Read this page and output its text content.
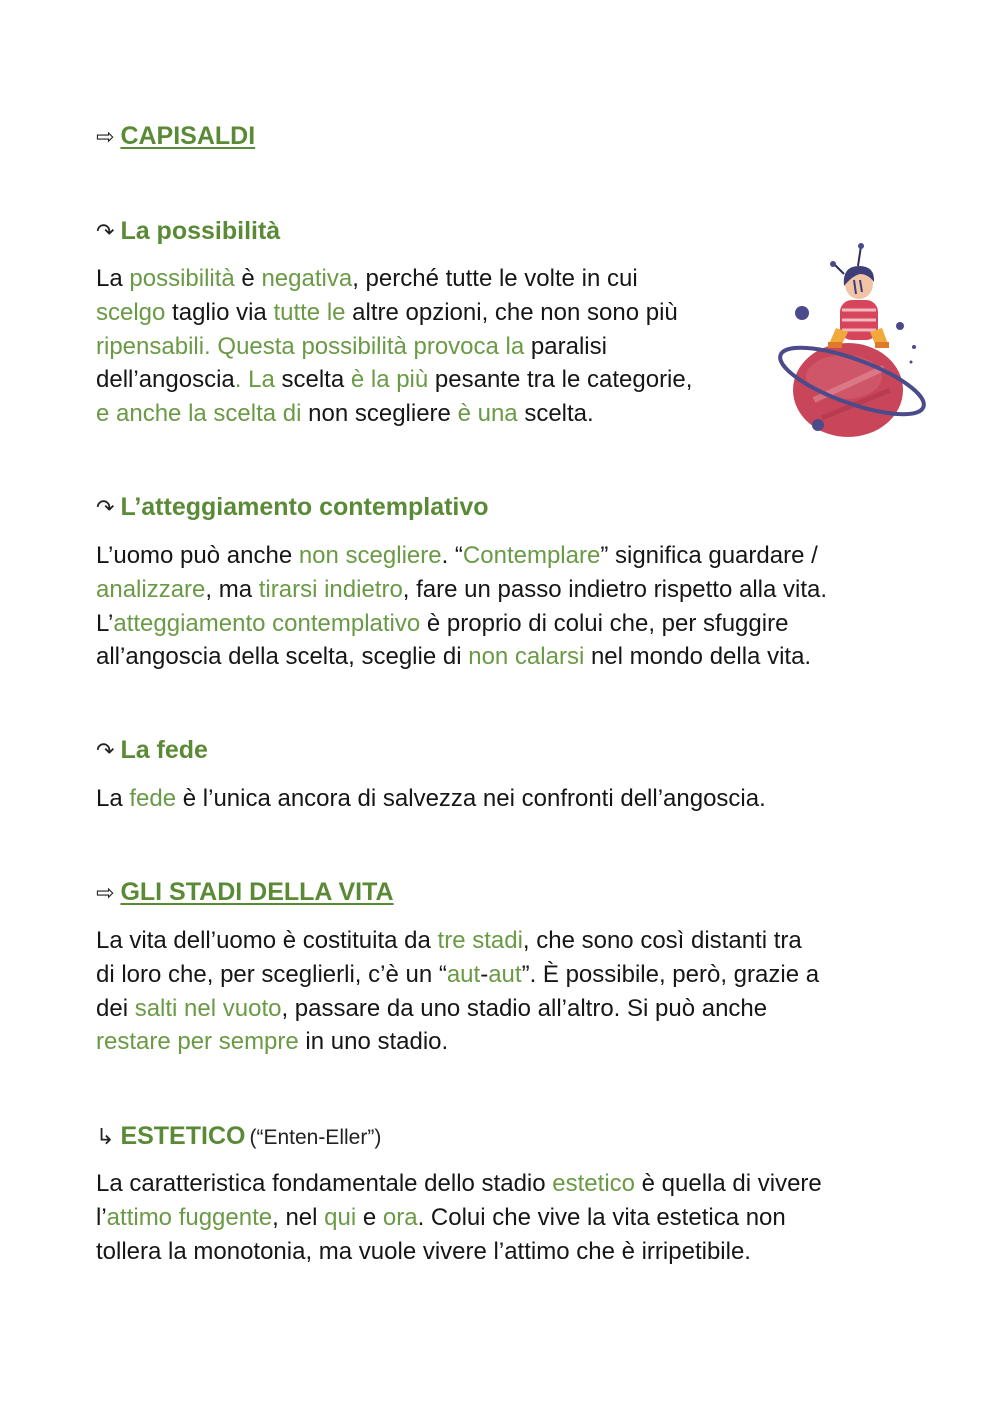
⇨ CAPISALDI
↷ La possibilità

La possibilità è negativa, perché tutte le volte in cui
scelgo taglio via tutte le altre opzioni, che non sono più
ripensabili. Questa possibilità provoca la paralisi
dell’angoscia. La scelta è la più pesante tra le categorie,
e anche la scelta di non scegliere è una scelta.

↷ L’atteggiamento contemplativo

L’uomo può anche non scegliere. “Contemplare” significa guardare /
analizzare, ma tirarsi indietro, fare un passo indietro rispetto alla vita.
L’atteggiamento contemplativo è proprio di colui che, per sfuggire
all’angoscia della scelta, sceglie di non calarsi nel mondo della vita.

↷ La fede

La fede è l’unica ancora di salvezza nei confronti dell’angoscia.

⇨ GLI STADI DELLA VITA

La vita dell’uomo è costituita da tre stadi, che sono così distanti tra
di loro che, per sceglierli, c’è un “aut-aut”. È possibile, però, grazie a
dei salti nel vuoto, passare da uno stadio all’altro. Si può anche
restare per sempre in uno stadio.

↳ ESTETICO (“Enten-Eller”)

La caratteristica fondamentale dello stadio estetico è quella di vivere
l’attimo fuggente, nel qui e ora. Colui che vive la vita estetica non
tollera la monotonia, ma vuole vivere l’attimo che è irripetibile.
